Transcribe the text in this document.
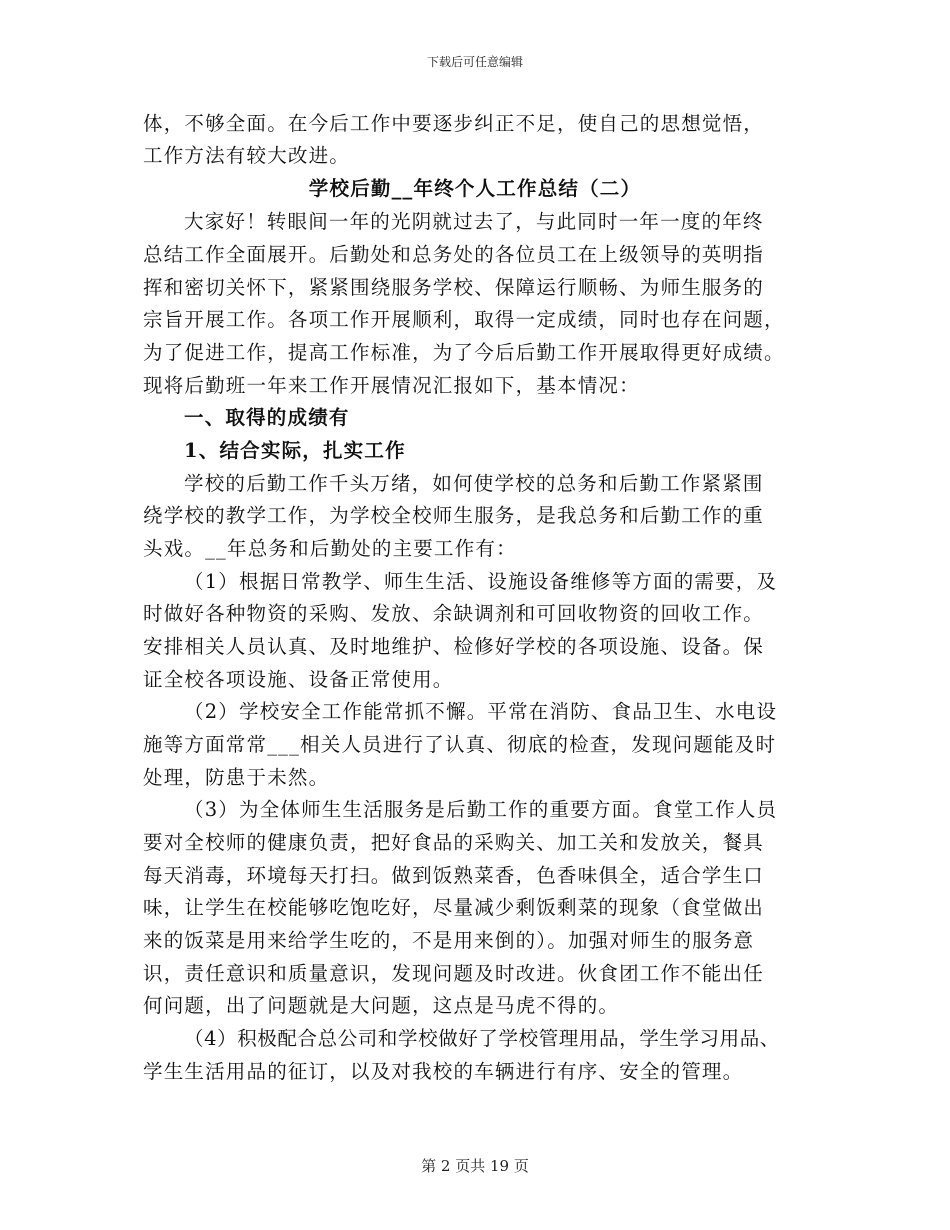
下载后可任意编辑
体，不够全面。在今后工作中要逐步纠正不足，使自己的思想觉悟，
工作方法有较大改进。
学校后勤__年终个人工作总结（二）
大家好！转眼间一年的光阴就过去了，与此同时一年一度的年终
总结工作全面展开。后勤处和总务处的各位员工在上级领导的英明指
挥和密切关怀下，紧紧围绕服务学校、保障运行顺畅、为师生服务的
宗旨开展工作。各项工作开展顺利，取得一定成绩，同时也存在问题，
为了促进工作，提高工作标准，为了今后后勤工作开展取得更好成绩。
现将后勤班一年来工作开展情况汇报如下，基本情况：
一、取得的成绩有
1、结合实际，扎实工作
学校的后勤工作千头万绪，如何使学校的总务和后勤工作紧紧围
绕学校的教学工作，为学校全校师生服务，是我总务和后勤工作的重
头戏。__年总务和后勤处的主要工作有：
（1）根据日常教学、师生生活、设施设备维修等方面的需要，及
时做好各种物资的采购、发放、余缺调剂和可回收物资的回收工作。
安排相关人员认真、及时地维护、检修好学校的各项设施、设备。保
证全校各项设施、设备正常使用。
（2）学校安全工作能常抓不懈。平常在消防、食品卫生、水电设
施等方面常常___相关人员进行了认真、彻底的检查，发现问题能及时
处理，防患于未然。
（3）为全体师生生活服务是后勤工作的重要方面。食堂工作人员
要对全校师的健康负责，把好食品的采购关、加工关和发放关，餐具
每天消毒，环境每天打扫。做到饭熟菜香，色香味俱全，适合学生口
味，让学生在校能够吃饱吃好，尽量减少剩饭剩菜的现象（食堂做出
来的饭菜是用来给学生吃的，不是用来倒的）。加强对师生的服务意
识，责任意识和质量意识，发现问题及时改进。伙食团工作不能出任
何问题，出了问题就是大问题，这点是马虎不得的。
（4）积极配合总公司和学校做好了学校管理用品，学生学习用品、
学生生活用品的征订，以及对我校的车辆进行有序、安全的管理。
第 2 页共 19 页
